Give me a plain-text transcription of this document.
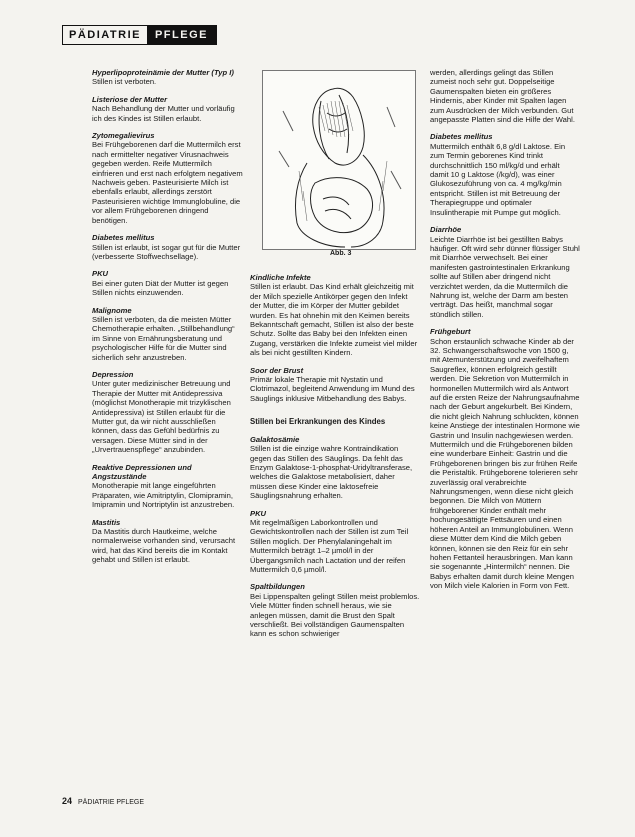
PÄDIATRIE	PFLEGE
Hyperlipoproteinämie der Mutter (Typ I)

Stillen ist verboten.

Listeriose der Mutter

Nach Behandlung der Mutter und vorläufig ich des Kindes ist Stillen erlaubt.

Zytomegalievirus

Bei Frühgeborenen darf die Muttermilch erst nach ermittelter negativer Virusnachweis gegeben werden. Reife Muttermilch einfrieren und erst nach erfolgtem negativem Nachweis geben. Pasteurisierte Milch ist ebenfalls erlaubt, allerdings zerstört Pasteurisieren wichtige Immunglobuline, die vor allem Frühgeborenen dringend benötigen.

Diabetes mellitus

Stillen ist erlaubt, ist sogar gut für die Mutter (verbesserte Stoffwechsellage).

PKU

Bei einer guten Diät der Mutter ist gegen Stillen nichts einzuwenden.

Malignome

Stillen ist verboten, da die meisten Mütter Chemotherapie erhalten. „Stillbehandlung“ im Sinne von Ernährungsberatung und psychologischer Hilfe für die Mutter sind sicherlich sehr anzustreben.

Depression

Unter guter medizinischer Betreuung und Therapie der Mutter mit Antidepressiva (möglichst Monotherapie mit trizyklischen Antidepressiva) ist Stillen erlaubt für die Mutter gut, da wir nicht ausschließen können, dass das Gefühl bedürfnis zu versagen. Diese Mütter sind in der „Urvertrauenspflege“ anzubinden.

Reaktive Depressionen und Angstzustände

Monotherapie mit lange eingeführten Präparaten, wie Amitriptylin, Clomipramin, Imipramin und Nortriptylin ist anzustreben.

Mastitis

Da Mastitis durch Hautkeime, welche normalerweise vorhanden sind, verursacht wird, hat das Kind bereits die im Kontakt gehabt und Stillen ist erlaubt.

Abb. 3
Kindliche Infekte

Stillen ist erlaubt. Das Kind erhält gleichzeitig mit der Milch spezielle Antikörper gegen den Infekt der Mutter, die im Körper der Mutter gebildet wurden. Es hat ohnehin mit den Keimen bereits Bekanntschaft gemacht, Stillen ist also der beste Schutz. Sollte das Baby bei den Infekten einen Zugang, verstärken die Infekte zumeist viel milder als bei nicht gestillten Kindern.

Soor der Brust

Primär lokale Therapie mit Nystatin und Clotrimazol, begleitend Anwendung im Mund des Säuglings inklusive Mitbehandlung des Babys.

Stillen bei Erkrankungen des Kindes
Galaktosämie

Stillen ist die einzige wahre Kontraindikation gegen das Stillen des Säuglings. Da fehlt das Enzym Galaktose-1-phosphat-Uridyltransferase, welches die Galaktose metabolisiert, daher müssen diese Kinder eine laktosefreie Säuglingsnahrung erhalten.

PKU

Mit regelmäßigen Laborkontrollen und Gewichtskontrollen nach der Stillen ist zum Teil Stillen möglich. Der Phenylalaningehalt im Muttermilch beträgt 1–2 µmol/l in der Übergangsmilch nach Lactation und der reifen Muttermilch 0,6 µmol/l.

Spaltbildungen

Bei Lippenspalten gelingt Stillen meist problemlos. Viele Mütter finden schnell heraus, wie sie anlegen müssen, damit die Brust den Spalt verschließt. Bei vollständigen Gaumenspalten kann es schon schwieriger

werden, allerdings gelingt das Stillen zumeist noch sehr gut. Doppelseitige Gaumenspalten bieten ein größeres Hindernis, aber Kinder mit Spalten lagen zum Ausdrücken der Milch verbunden. Gut angepasste Platten sind die Hilfe der Wahl.

Diabetes mellitus

Muttermilch enthält 6,8 g/dl Laktose. Ein zum Termin geborenes Kind trinkt durchschnittlich 150 ml/kg/d und erhält damit 10 g Laktose (/kg/d), was einer Glukosezuführung von ca. 4 mg/kg/min entspricht. Stillen ist mit Betreuung der Therapiegruppe und optimaler Insulintherapie mit Pumpe gut möglich.

Diarrhöe

Leichte Diarrhöe ist bei gestillten Babys häufiger. Oft wird sehr dünner flüssiger Stuhl mit Diarrhöe verwechselt. Bei einer manifesten gastrointestinalen Erkrankung sollte auf Stillen aber dringend nicht verzichtet werden, da die Muttermilch die Nahrung ist, welche der Darm am besten verträgt. Das heißt, manchmal sogar stündlich stillen.

Frühgeburt

Schon erstaunlich schwache Kinder ab der 32. Schwangerschaftswoche von 1500 g, mit Atemunterstützung und zweifelhaftem Saugreflex, können erfolgreich gestillt werden. Die Sekretion von Muttermilch in hormonellen Muttermilch wird als Antwort auf die ersten Reize der Nahrungsaufnahme nach der Geburt angekurbelt. Bei Kindern, die nicht gleich Nahrung schluckten, können keine Anstiege der intestinalen Hormone wie Gastrin und Insulin nachgewiesen werden. Muttermilch und die Frühgeborenen bilden eine wunderbare Einheit: Gastrin und die Frühgeborenen bringen bis zur frühen Reife die Peristaltik. Frühgeborene tolerieren sehr zuverlässig oral verabreichte Nahrungsmengen, wenn diese nicht gleich begonnen. Die Milch von Müttern frühgeborener Kinder enthält mehr hochungesättigte Fettsäuren und einen höheren Anteil an Immunglobulinen. Wenn diese Mütter dem Kind die Milch geben können, können sie den Reiz für ein sehr hohen Fettanteil herausbringen. Man kann sie sogenannte „Hintermilch“ nennen. Die Babys erhalten damit durch kleine Mengen von Milch viele Kalorien in Form von Fett.

24 PÄDIATRIE PFLEGE
